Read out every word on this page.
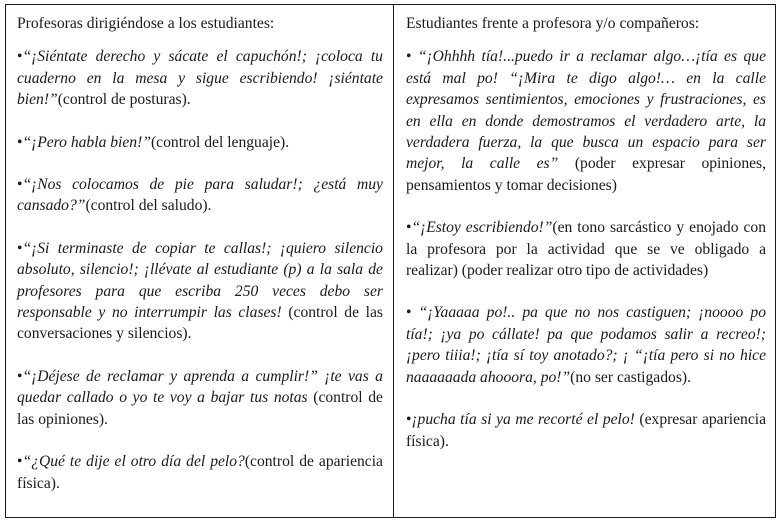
Profesoras dirigiéndose a los estudiantes:

•“¡Siéntate derecho y sácate el capuchón!; ¡coloca tu cuaderno en la mesa y sigue escribiendo! ¡siéntate bien!”(control de posturas).

•“¡Pero habla bien!”(control del lenguaje).

•“¡Nos colocamos de pie para saludar!; ¿está muy cansado?”(control del saludo).

•“¡Si terminaste de copiar te callas!; ¡quiero silencio absoluto, silencio!; ¡llévate al estudiante (p) a la sala de profesores para que escriba 250 veces debo ser responsable y no interrumpir las clases! (control de las conversaciones y silencios).

•“¡Déjese de reclamar y aprenda a cumplir!” ¡te vas a quedar callado o yo te voy a bajar tus notas (control de las opiniones).

•“¿Qué te dije el otro día del pelo?(control de apariencia física).

Estudiantes frente a profesora y/o compañeros:

• “¡Ohhhh tía!...puedo ir a reclamar algo…¡tía es que está mal po! “¡Mira te digo algo!… en la calle expresamos sentimientos, emociones y frustraciones, es en ella en donde demostramos el verdadero arte, la verdadera fuerza, la que busca un espacio para ser mejor, la calle es” (poder expresar opiniones, pensamientos y tomar decisiones)

•“¡Estoy escribiendo!”(en tono sarcástico y enojado con la profesora por la actividad que se ve obligado a realizar) (poder realizar otro tipo de actividades)

• “¡Yaaaaa po!.. pa que no nos castiguen; ¡noooo po tía!; ¡ya po cállate! pa que podamos salir a recreo!; ¡pero tiiia!; ¡tía sí toy anotado?; ¡ “¡tía pero si no hice naaaaaada ahooora, po!”(no ser castigados).

•¡pucha tía si ya me recorté el pelo! (expresar apariencia física).
